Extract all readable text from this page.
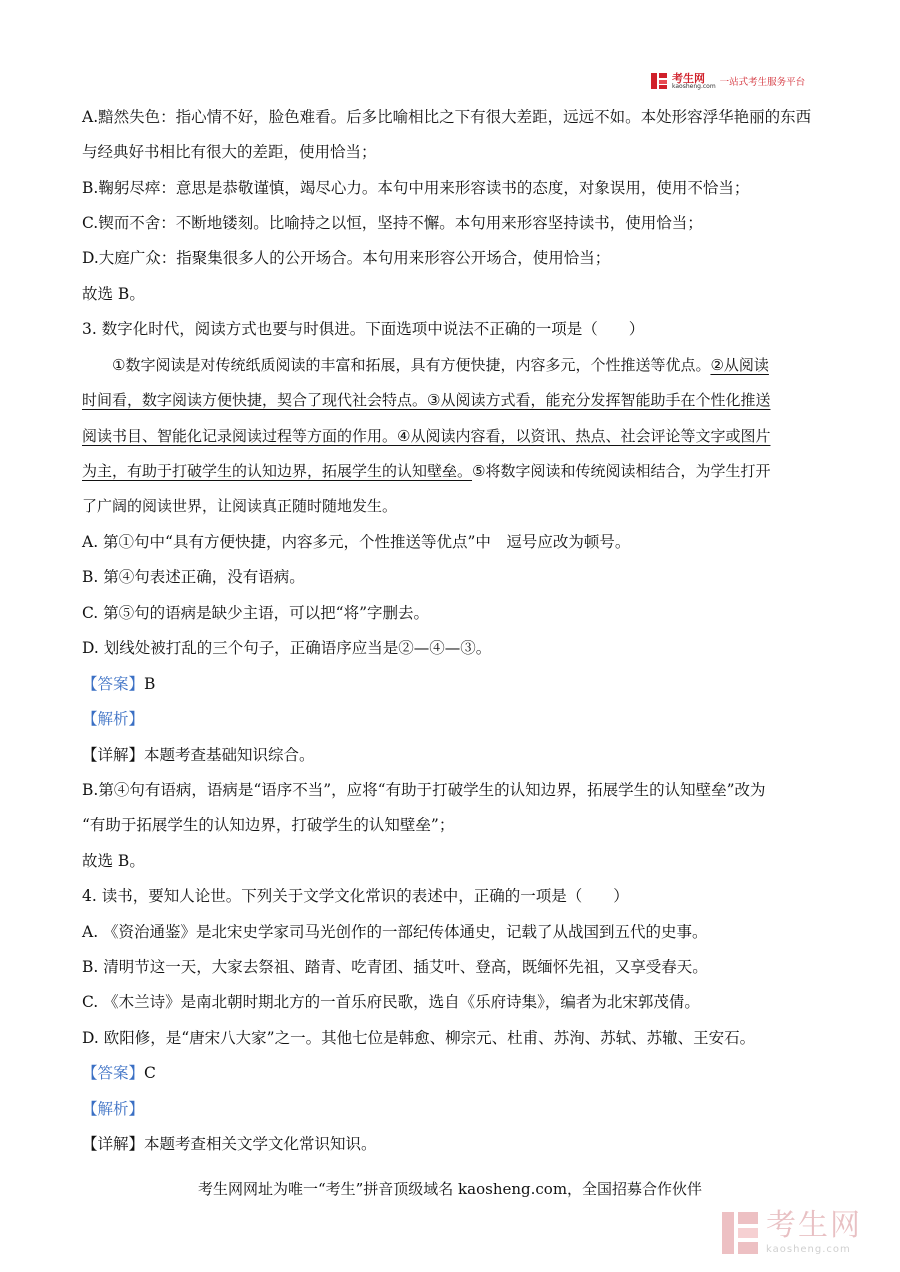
考生网
kaosheng.com 一站式考生服务平台
A.黯然失色：指心情不好，脸色难看。后多比喻相比之下有很大差距，远远不如。本处形容浮华艳丽的东西
与经典好书相比有很大的差距，使用恰当；
B.鞠躬尽瘁：意思是恭敬谨慎，竭尽心力。本句中用来形容读书的态度，对象误用，使用不恰当；
C.锲而不舍：不断地镂刻。比喻持之以恒，坚持不懈。本句用来形容坚持读书，使用恰当；
D.大庭广众：指聚集很多人的公开场合。本句用来形容公开场合，使用恰当；
故选 B。
3. 数字化时代，阅读方式也要与时俱进。下面选项中说法不正确的一项是（　　）
①数字阅读是对传统纸质阅读的丰富和拓展，具有方便快捷，内容多元，个性推送等优点。②从阅读
时间看，数字阅读方便快捷，契合了现代社会特点。③从阅读方式看，能充分发挥智能助手在个性化推送
阅读书目、智能化记录阅读过程等方面的作用。④从阅读内容看，以资讯、热点、社会评论等文字或图片
为主，有助于打破学生的认知边界，拓展学生的认知壁垒。⑤将数字阅读和传统阅读相结合，为学生打开
了广阔的阅读世界，让阅读真正随时随地发生。
A. 第①句中“具有方便快捷，内容多元，个性推送等优点”中　逗号应改为顿号。
B. 第④句表述正确，没有语病。
C. 第⑤句的语病是缺少主语，可以把“将”字删去。
D. 划线处被打乱的三个句子，正确语序应当是②—④—③。
【答案】B
【解析】
【详解】本题考查基础知识综合。
B.第④句有语病，语病是“语序不当”，应将“有助于打破学生的认知边界，拓展学生的认知壁垒”改为
“有助于拓展学生的认知边界，打破学生的认知壁垒”；
故选 B。
4. 读书，要知人论世。下列关于文学文化常识的表述中，正确的一项是（　　）
A. 《资治通鉴》是北宋史学家司马光创作的一部纪传体通史，记载了从战国到五代的史事。
B. 清明节这一天，大家去祭祖、踏青、吃青团、插艾叶、登高，既缅怀先祖，又享受春天。
C. 《木兰诗》是南北朝时期北方的一首乐府民歌，选自《乐府诗集》，编者为北宋郭茂倩。
D. 欧阳修，是“唐宋八大家”之一。其他七位是韩愈、柳宗元、杜甫、苏洵、苏轼、苏辙、王安石。
【答案】C
【解析】
【详解】本题考查相关文学文化常识知识。
考生网网址为唯一“考生”拼音顶级域名 kaosheng.com，全国招募合作伙伴
考生网
kaosheng.com
